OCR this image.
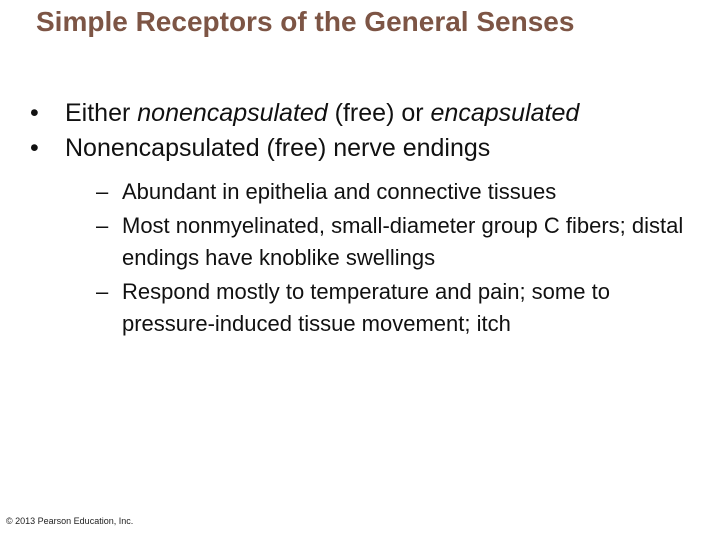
Simple Receptors of the General Senses
• Either nonencapsulated (free) or encapsulated
• Nonencapsulated (free) nerve endings
– Abundant in epithelia and connective tissues
– Most nonmyelinated, small-diameter group C fibers; distal endings have knoblike swellings
– Respond mostly to temperature and pain; some to pressure-induced tissue movement; itch
© 2013 Pearson Education, Inc.
